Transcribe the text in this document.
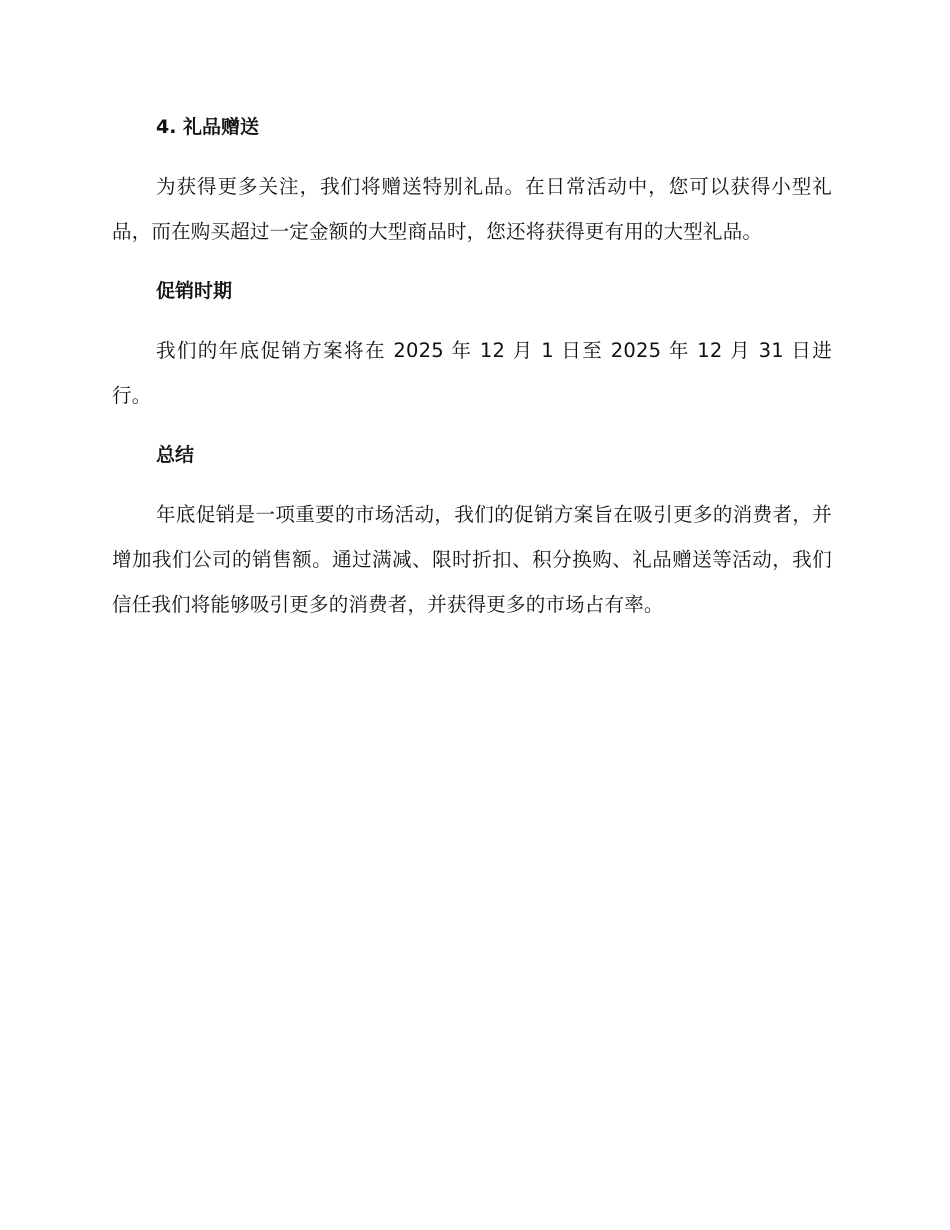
4. 礼品赠送

为获得更多关注，我们将赠送特别礼品。在日常活动中，您可以获得小型礼品，而在购买超过一定金额的大型商品时，您还将获得更有用的大型礼品。

促销时期

我们的年底促销方案将在 2025 年 12 月 1 日至 2025 年 12 月 31 日进行。

总结

年底促销是一项重要的市场活动，我们的促销方案旨在吸引更多的消费者，并增加我们公司的销售额。通过满减、限时折扣、积分换购、礼品赠送等活动，我们信任我们将能够吸引更多的消费者，并获得更多的市场占有率。
